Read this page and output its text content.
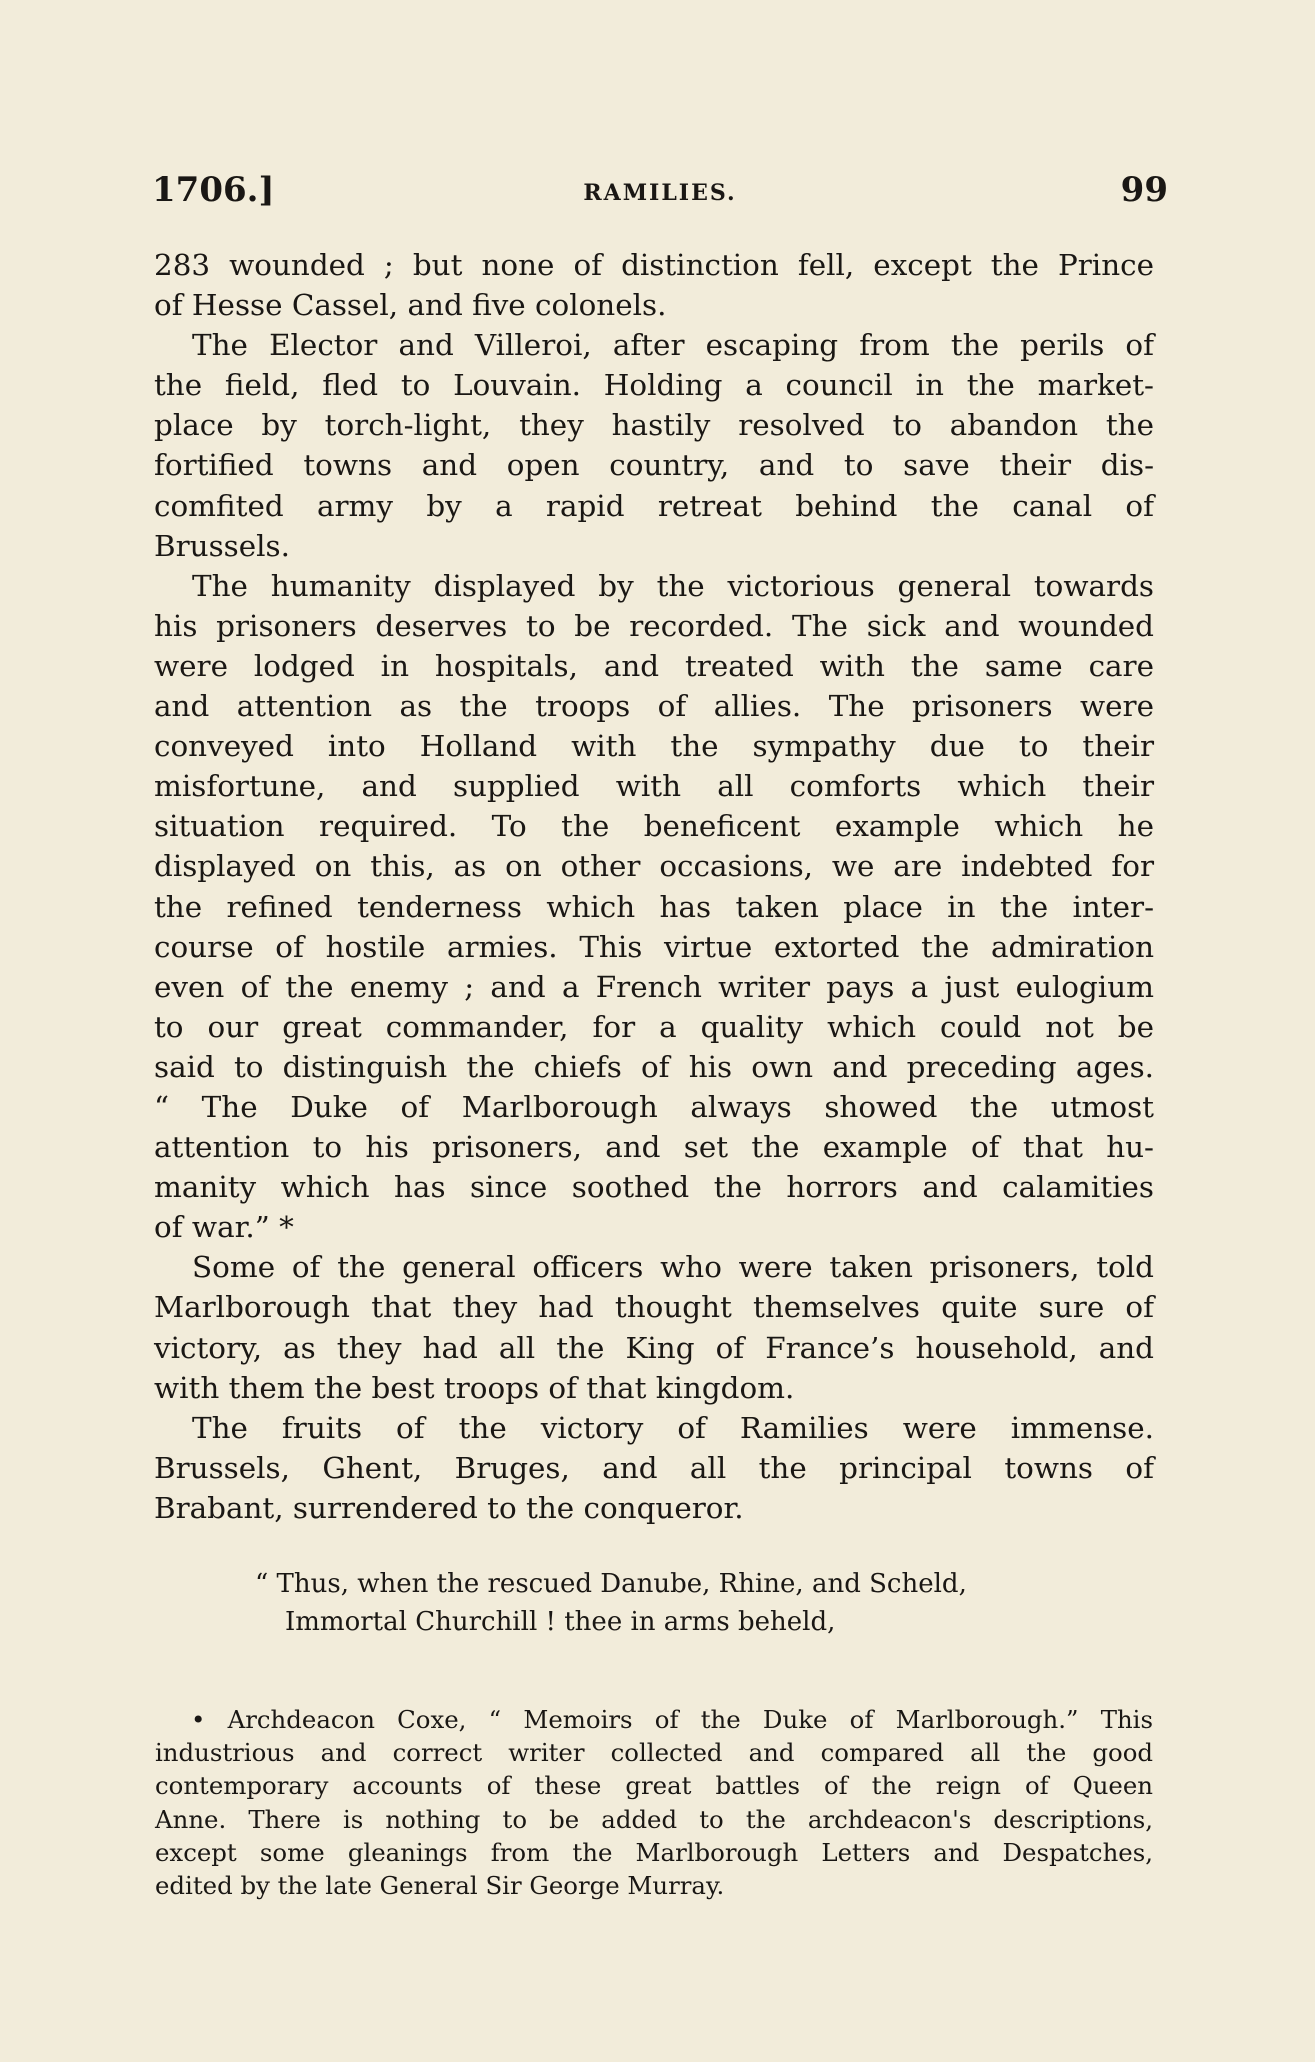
1706.]	RAMILIES.	99
283 wounded ; but none of distinction fell, except the Prince
of Hesse Cassel, and five colonels.
The Elector and Villeroi, after escaping from the perils of
the field, fled to Louvain. Holding a council in the market-
place by torch-light, they hastily resolved to abandon the
fortified towns and open country, and to save their dis-
comfited army by a rapid retreat behind the canal of
Brussels.
The humanity displayed by the victorious general towards
his prisoners deserves to be recorded. The sick and wounded
were lodged in hospitals, and treated with the same care
and attention as the troops of allies. The prisoners were
conveyed into Holland with the sympathy due to their
misfortune, and supplied with all comforts which their
situation required. To the beneficent example which he
displayed on this, as on other occasions, we are indebted for
the refined tenderness which has taken place in the inter-
course of hostile armies. This virtue extorted the admiration
even of the enemy ; and a French writer pays a just eulogium
to our great commander, for a quality which could not be
said to distinguish the chiefs of his own and preceding ages.
“ The Duke of Marlborough always showed the utmost
attention to his prisoners, and set the example of that hu-
manity which has since soothed the horrors and calamities
of war.” *
Some of the general officers who were taken prisoners, told
Marlborough that they had thought themselves quite sure of
victory, as they had all the King of France’s household, and
with them the best troops of that kingdom.
The fruits of the victory of Ramilies were immense.
Brussels, Ghent, Bruges, and all the principal towns of
Brabant, surrendered to the conqueror.
“ Thus, when the rescued Danube, Rhine, and Scheld,
Immortal Churchill ! thee in arms beheld,
• Archdeacon Coxe, “ Memoirs of the Duke of Marlborough.” This
industrious and correct writer collected and compared all the good
contemporary accounts of these great battles of the reign of Queen
Anne. There is nothing to be added to the archdeacon's descriptions,
except some gleanings from the Marlborough Letters and Despatches,
edited by the late General Sir George Murray.
